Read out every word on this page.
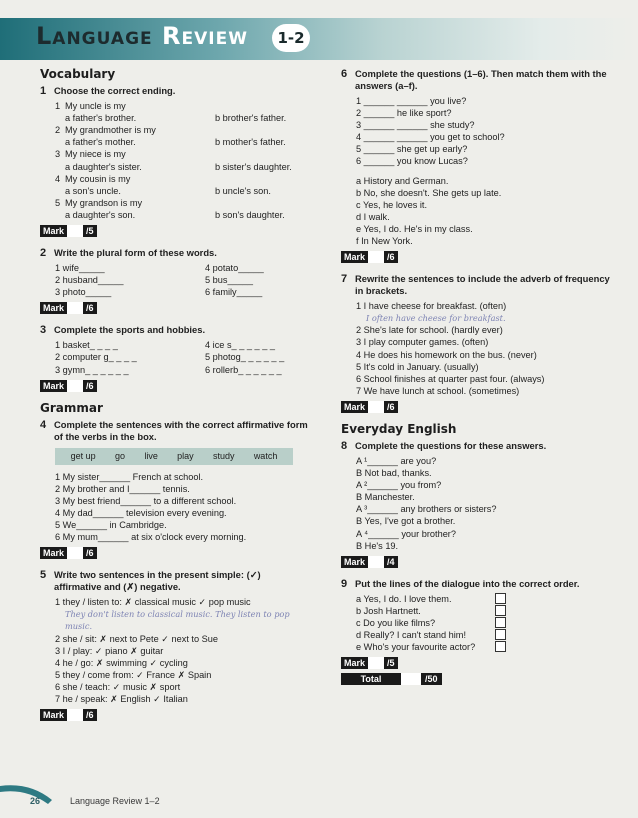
Language Review	1-2
Vocabulary
1 Choose the correct ending.
1 My uncle is my
a father's brother.	b brother's father.
2 My grandmother is my
a father's mother.	b mother's father.
3 My niece is my
a daughter's sister.	b sister's daughter.
4 My cousin is my
a son's uncle.	b uncle's son.
5 My grandson is my
a daughter's son.	b son's daughter.
Mark	/5
2 Write the plural form of these words.
1 wife_____	4 potato_____
2 husband_____	5 bus_____
3 photo_____	6 family_____
Mark	/6
3 Complete the sports and hobbies.
1 basket_ _ _ _	4 ice s_ _ _ _ _ _
2 computer g_ _ _ _	5 photog_ _ _ _ _ _
3 gymn_ _ _ _ _ _	6 rollerb_ _ _ _ _ _
Mark	/6
Grammar
4 Complete the sentences with the correct affirmative form of the verbs in the box.
get up go live play study watch
1 My sister______ French at school.
2 My brother and I______ tennis.
3 My best friend______ to a different school.
4 My dad______ television every evening.
5 We______ in Cambridge.
6 My mum______ at six o'clock every morning.
Mark	/6
5 Write two sentences in the present simple: (✓) affirmative and (✗) negative.
1 they / listen to: ✗ classical music ✓ pop music
They don't listen to classical music. They listen to pop music.
2 she / sit: ✗ next to Pete ✓ next to Sue
3 I / play: ✓ piano ✗ guitar
4 he / go: ✗ swimming ✓ cycling
5 they / come from: ✓ France ✗ Spain
6 she / teach: ✓ music ✗ sport
7 he / speak: ✗ English ✓ Italian
Mark	/6
6 Complete the questions (1–6). Then match them with the answers (a–f).
1 ______ ______ you live?
2 ______ he like sport?
3 ______ ______ she study?
4 ______ ______ you get to school?
5 ______ she get up early?
6 ______ you know Lucas?
a History and German.
b No, she doesn't. She gets up late.
c Yes, he loves it.
d I walk.
e Yes, I do. He's in my class.
f In New York.
Mark	/6
7 Rewrite the sentences to include the adverb of frequency in brackets.
1 I have cheese for breakfast. (often)
I often have cheese for breakfast.
2 She's late for school. (hardly ever)
3 I play computer games. (often)
4 He does his homework on the bus. (never)
5 It's cold in January. (usually)
6 School finishes at quarter past four. (always)
7 We have lunch at school. (sometimes)
Mark	/6
Everyday English
8 Complete the questions for these answers.
A ¹______ are you?
B Not bad, thanks.
A ²______ you from?
B Manchester.
A ³______ any brothers or sisters?
B Yes, I've got a brother.
A ⁴______ your brother?
B He's 19.
Mark	/4
9 Put the lines of the dialogue into the correct order.
a Yes, I do. I love them.
b Josh Hartnett.
c Do you like films?
d Really? I can't stand him!
e Who's your favourite actor?
Mark	/5
Total	/50
26	Language Review 1–2
